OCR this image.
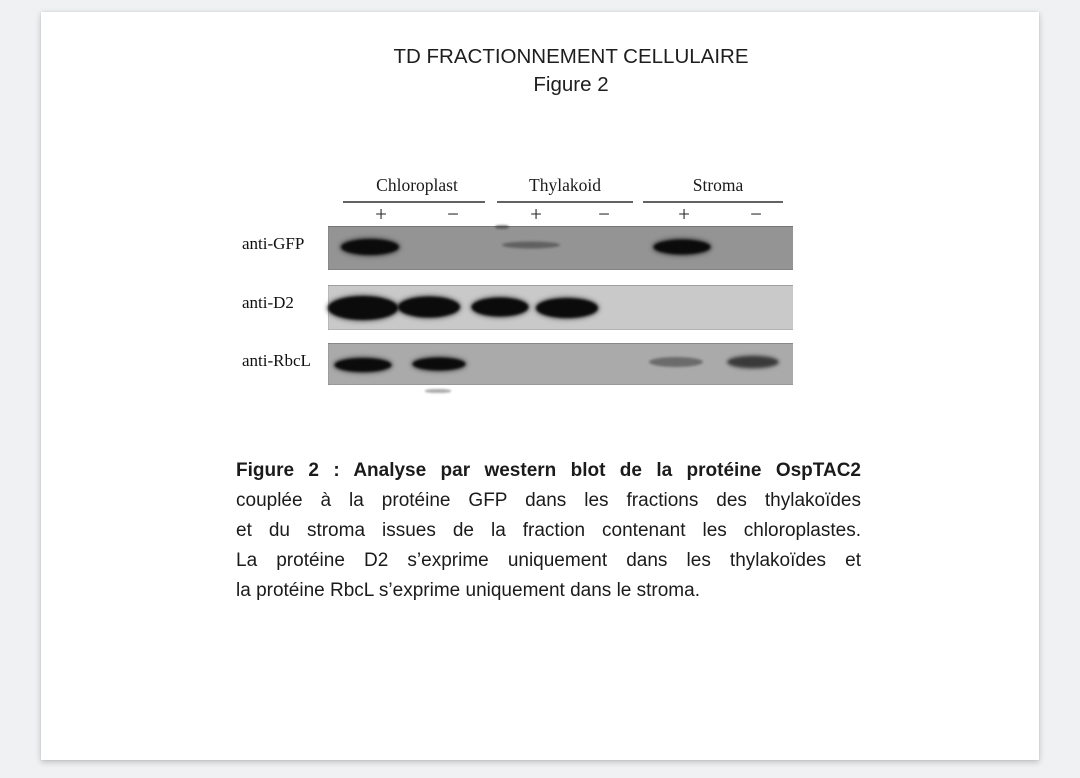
TD FRACTIONNEMENT CELLULAIRE
Figure 2
Chloroplast
+	−
Thylakoid
+	−
Stroma
+	−
anti-GFP
anti-D2
anti-RbcL
Figure 2 : Analyse par western blot de la protéine OspTAC2
couplée à la protéine GFP dans les fractions des thylakoïdes
et du stroma issues de la fraction contenant les chloroplastes.
La protéine D2 s’exprime uniquement dans les thylakoïdes et
la protéine RbcL s’exprime uniquement dans le stroma.
